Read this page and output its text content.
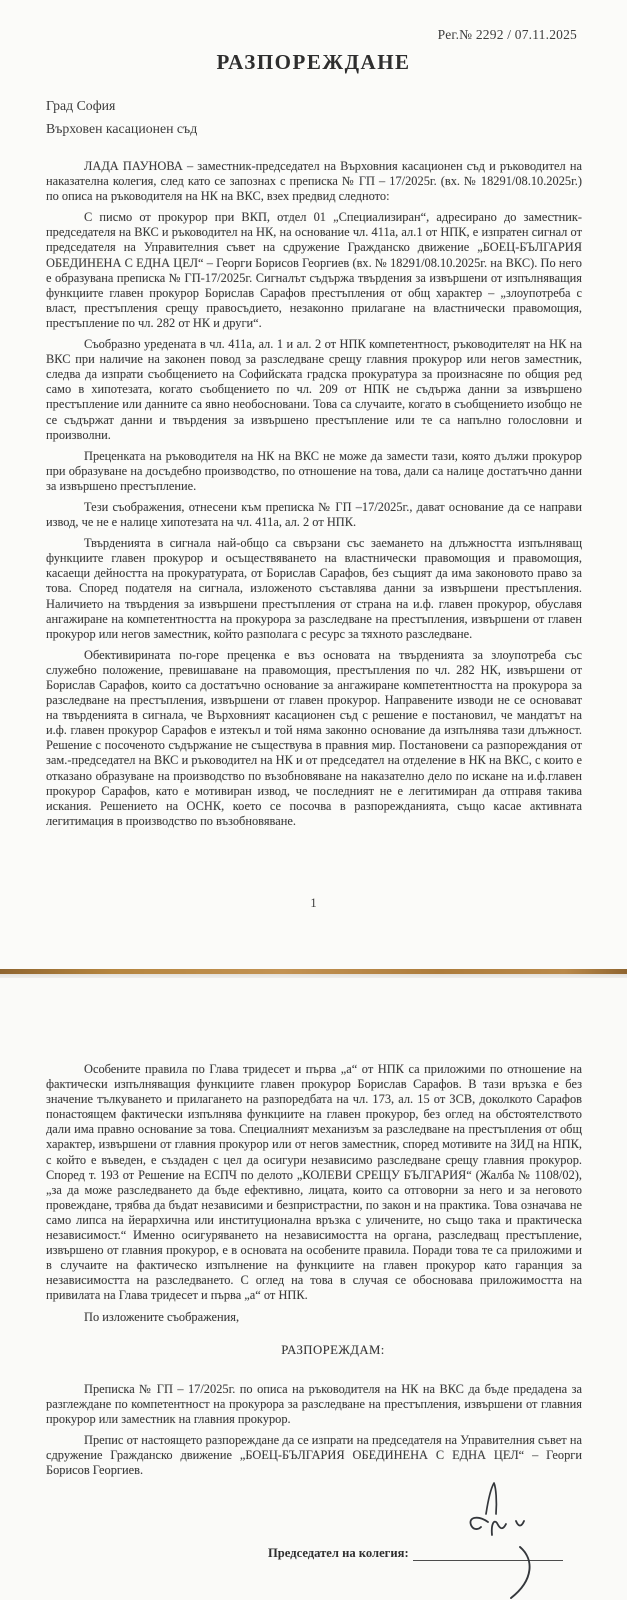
Рег.№ 2292 / 07.11.2025
РАЗПОРЕЖДАНЕ
Град София
Върховен касационен съд

ЛАДА ПАУНОВА – заместник-председател на Върховния касационен съд и ръководител на наказателна колегия, след като се запознах с преписка № ГП – 17/2025г. (вх. № 18291/08.10.2025г.) по описа на ръководителя на НК на ВКС, взех предвид следното:

С писмо от прокурор при ВКП, отдел 01 „Специализиран“, адресирано до заместник-председателя на ВКС и ръководител на НК, на основание чл. 411а, ал.1 от НПК, е изпратен сигнал от председателя на Управителния съвет на сдружение Гражданско движение „БОЕЦ-БЪЛГАРИЯ ОБЕДИНЕНА С ЕДНА ЦЕЛ“ – Георги Борисов Георгиев (вх. № 18291/08.10.2025г. на ВКС). По него е образувана преписка № ГП-17/2025г. Сигналът съдържа твърдения за извършени от изпълняващия функциите главен прокурор Борислав Сарафов престъпления от общ характер – „злоупотреба с власт, престъпления срещу правосъдието, незаконно прилагане на властнически правомощия, престъпление по чл. 282 от НК и други“.

Съобразно уредената в чл. 411а, ал. 1 и ал. 2 от НПК компетентност, ръководителят на НК на ВКС при наличие на законен повод за разследване срещу главния прокурор или негов заместник, следва да изпрати съобщението на Софийската градска прокуратура за произнасяне по общия ред само в хипотезата, когато съобщението по чл. 209 от НПК не съдържа данни за извършено престъпление или данните са явно необосновани. Това са случаите, когато в съобщението изобщо не се съдържат данни и твърдения за извършено престъпление или те са напълно голословни и произволни.

Преценката на ръководителя на НК на ВКС не може да замести тази, която дължи прокурор при образуване на досъдебно производство, по отношение на това, дали са налице достатъчно данни за извършено престъпление.

Тези съображения, отнесени към преписка № ГП –17/2025г., дават основание да се направи извод, че не е налице хипотезата на чл. 411а, ал. 2 от НПК.

Твърденията в сигнала най-общо са свързани със заемането на длъжността изпълняващ функциите главен прокурор и осъществяването на властнически правомощия и правомощия, касаещи дейността на прокуратурата, от Борислав Сарафов, без същият да има законовото право за това. Според подателя на сигнала, изложеното съставлява данни за извършени престъпления. Наличието на твърдения за извършени престъпления от страна на и.ф. главен прокурор, обуславя ангажиране на компетентността на прокурора за разследване на престъпления, извършени от главен прокурор или негов заместник, който разполага с ресурс за тяхното разследване.

Обективирината по-горе преценка е въз основата на твърденията за злоупотреба със служебно положение, превишаване на правомощия, престъпления по чл. 282 НК, извършени от Борислав Сарафов, които са достатъчно основание за ангажиране компетентността на прокурора за разследване на престъпления, извършени от главен прокурор. Направените изводи не се основават на твърденията в сигнала, че Върховният касационен съд с решение е постановил, че мандатът на и.ф. главен прокурор Сарафов е изтекъл и той няма законно основание да изпълнява тази длъжност. Решение с посоченото съдържание не съществува в правния мир. Постановени са разпореждания от зам.-председател на ВКС и ръководител на НК и от председател на отделение в НК на ВКС, с които е отказано образуване на производство по възобновяване на наказателно дело по искане на и.ф.главен прокурор Сарафов, като е мотивиран извод, че последният не е легитимиран да отправя такива искания. Решението на ОСНК, което се посочва в разпорежданията, също касае активната легитимация в производство по възобновяване.

1

Особените правила по Глава тридесет и първа „а“ от НПК са приложими по отношение на фактически изпълняващия функциите главен прокурор Борислав Сарафов. В тази връзка е без значение тълкуването и прилагането на разпоредбата на чл. 173, ал. 15 от ЗСВ, доколкото Сарафов понастоящем фактически изпълнява функциите на главен прокурор, без оглед на обстоятелството дали има правно основание за това. Специалният механизъм за разследване на престъпления от общ характер, извършени от главния прокурор или от негов заместник, според мотивите на ЗИД на НПК, с който е въведен, е създаден с цел да осигури независимо разследване срещу главния прокурор. Според т. 193 от Решение на ЕСПЧ по делото „КОЛЕВИ СРЕЩУ БЪЛГАРИЯ“ (Жалба № 1108/02), „за да може разследването да бъде ефективно, лицата, които са отговорни за него и за неговото провеждане, трябва да бъдат независими и безпристрастни, по закон и на практика. Това означава не само липса на йерархична или институционална връзка с уличените, но също така и практическа независимост.“ Именно осигуряването на независимостта на органа, разследващ престъпление, извършено от главния прокурор, е в основата на особените правила. Поради това те са приложими и в случаите на фактическо изпълнение на функциите на главен прокурор като гаранция за независимостта на разследването. С оглед на това в случая се обосновава приложимостта на привилата на Глава тридесет и първа „а“ от НПК.

По изложените съображения,

РАЗПОРЕЖДАМ:

Преписка № ГП – 17/2025г. по описа на ръководителя на НК на ВКС да бъде предадена за разглеждане по компетентност на прокурора за разследване на престъпления, извършени от главния прокурор или заместник на главния прокурор.

Препис от настоящето разпореждане да се изпрати на председателя на Управителния съвет на сдружение Гражданско движение „БОЕЦ-БЪЛГАРИЯ ОБЕДИНЕНА С ЕДНА ЦЕЛ“ – Георги Борисов Георгиев.

Председател на колегия:
